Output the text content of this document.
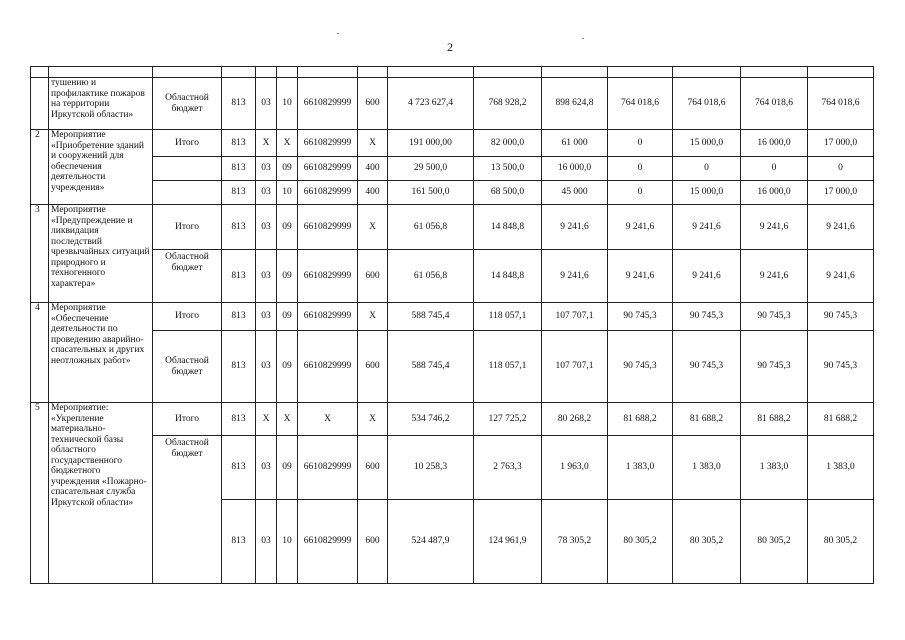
2

	тушению и профилактике пожаров на территории Иркутской области»	Областной бюджет	813	03	10	6610829999	600	4 723 627,4	768 928,2	898 624,8	764 018,6	764 018,6	764 018,6	764 018,6
2	Мероприятие «Приобретение зданий и сооружений для обеспечения деятельности учреждения»	Итого	813	Х	Х	6610829999	Х	191 000,00	82 000,0	61 000	0	15 000,0	16 000,0	17 000,0
			813	03	09	6610829999	400	29 500,0	13 500,0	16 000,0	0	0	0	0
			813	03	10	6610829999	400	161 500,0	68 500,0	45 000	0	15 000,0	16 000,0	17 000,0
3	Мероприятие «Предупреждение и ликвидация последствий чрезвычайных ситуаций природного и техногенного характера»	Итого	813	03	09	6610829999	Х	61 056,8	14 848,8	9 241,6	9 241,6	9 241,6	9 241,6	9 241,6
		Областной бюджет	813	03	09	6610829999	600	61 056,8	14 848,8	9 241,6	9 241,6	9 241,6	9 241,6	9 241,6
4	Мероприятие «Обеспечение деятельности по проведению аварийно-спасательных и других неотложных работ»	Итого	813	03	09	6610829999	Х	588 745,4	118 057,1	107 707,1	90 745,3	90 745,3	90 745,3	90 745,3
		Областной бюджет	813	03	09	6610829999	600	588 745,4	118 057,1	107 707,1	90 745,3	90 745,3	90 745,3	90 745,3
5	Мероприятие: «Укрепление материально-технической базы областного государственного бюджетного учреждения «Пожарно-спасательная служба Иркутской области»	Итого	813	Х	Х	Х	Х	534 746,2	127 725,2	80 268,2	81 688,2	81 688,2	81 688,2	81 688,2
		Областной бюджет	813	03	09	6610829999	600	10 258,3	2 763,3	1 963,0	1 383,0	1 383,0	1 383,0	1 383,0
			813	03	10	6610829999	600	524 487,9	124 961,9	78 305,2	80 305,2	80 305,2	80 305,2	80 305,2
